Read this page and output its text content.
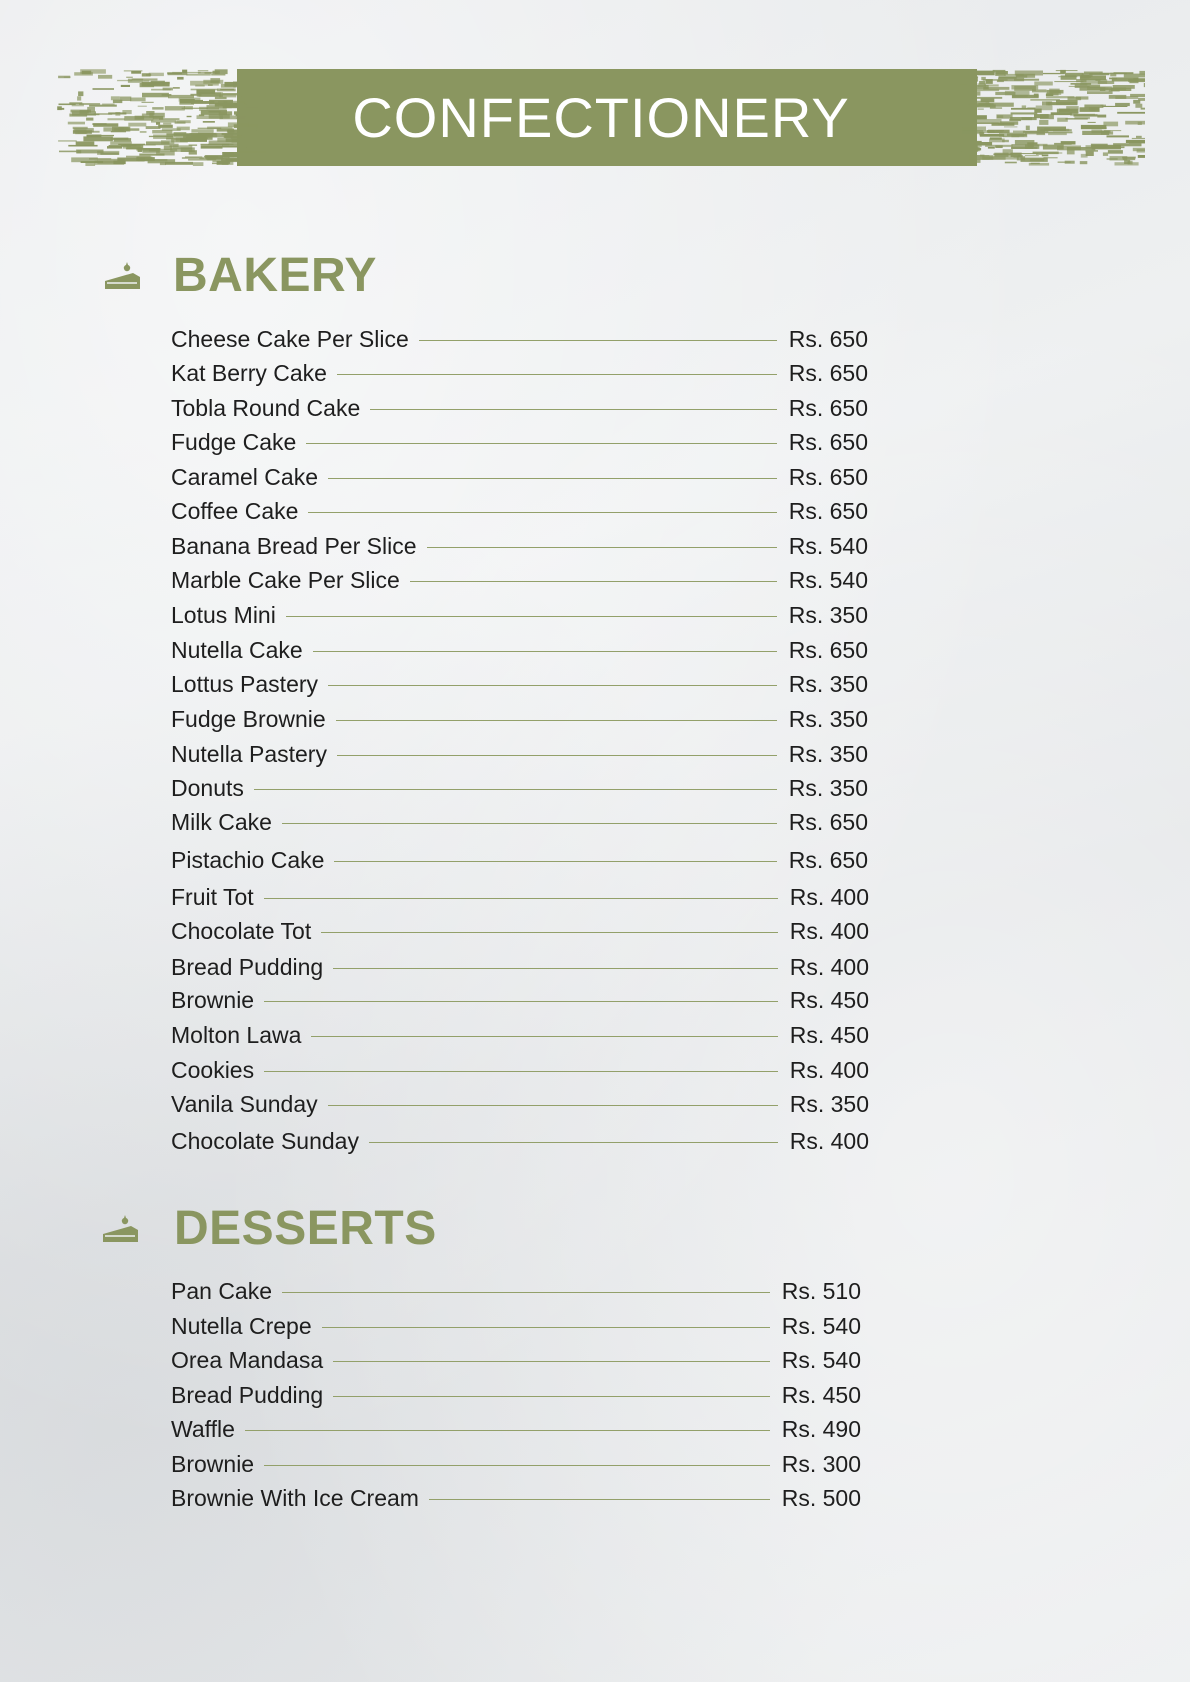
CONFECTIONERY
BAKERY
Cheese Cake Per Slice	Rs. 650
Kat Berry Cake	Rs. 650
Tobla Round Cake	Rs. 650
Fudge Cake	Rs. 650
Caramel Cake	Rs. 650
Coffee Cake	Rs. 650
Banana Bread Per Slice	Rs. 540
Marble Cake Per Slice	Rs. 540
Lotus Mini	Rs. 350
Nutella Cake	Rs. 650
Lottus Pastery	Rs. 350
Fudge Brownie	Rs. 350
Nutella Pastery	Rs. 350
Donuts	Rs. 350
Milk Cake	Rs. 650
Pistachio Cake	Rs. 650
Fruit Tot	Rs. 400
Chocolate Tot	Rs. 400
Bread Pudding	Rs. 400
Brownie	Rs. 450
Molton Lawa	Rs. 450
Cookies	Rs. 400
Vanila Sunday	Rs. 350
Chocolate Sunday	Rs. 400
DESSERTS
Pan Cake	Rs. 510
Nutella Crepe	Rs. 540
Orea Mandasa	Rs. 540
Bread Pudding	Rs. 450
Waffle	Rs. 490
Brownie	Rs. 300
Brownie With Ice Cream	Rs. 500
